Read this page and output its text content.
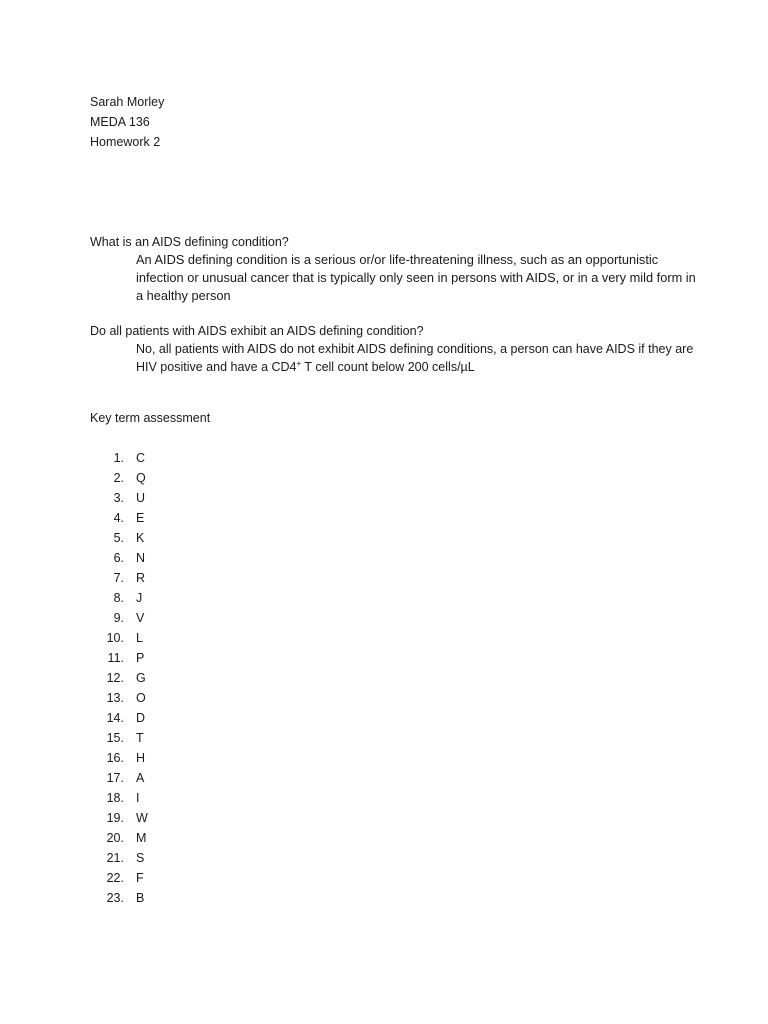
Sarah Morley
MEDA 136
Homework 2
What is an AIDS defining condition?
An AIDS defining condition is a serious or/or life-threatening illness, such as an opportunistic infection or unusual cancer that is typically only seen in persons with AIDS, or in a very mild form in a healthy person
Do all patients with AIDS exhibit an AIDS defining condition?
No, all patients with AIDS do not exhibit AIDS defining conditions, a person can have AIDS if they are HIV positive and have a CD4+ T cell count below 200 cells/µL
Key term assessment
1. C
2. Q
3. U
4. E
5. K
6. N
7. R
8. J
9. V
10. L
11. P
12. G
13. O
14. D
15. T
16. H
17. A
18. I
19. W
20. M
21. S
22. F
23. B
